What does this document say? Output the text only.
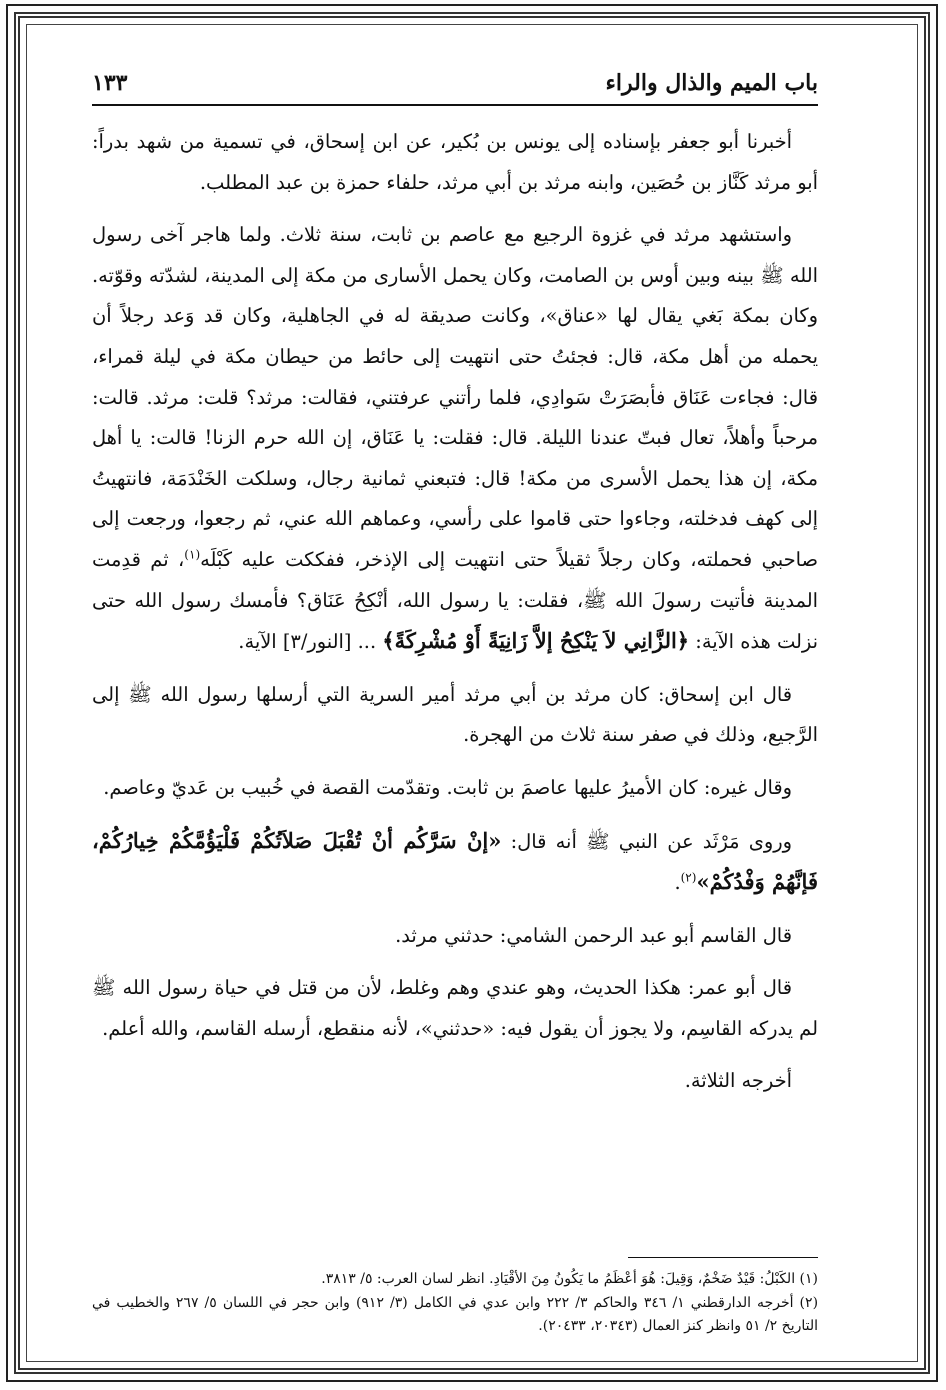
باب الميم والذال والراء
١٣٣

أخبرنا أبو جعفر بإسناده إلى يونس بن بُكير، عن ابن إسحاق، في تسمية من شهد بدراً: أبو مرثد كَنَّاز بن حُصَين، وابنه مرثد بن أبي مرثد، حلفاء حمزة بن عبد المطلب.

واستشهد مرثد في غزوة الرجيع مع عاصم بن ثابت، سنة ثلاث. ولما هاجر آخى رسول الله ﷺ بينه وبين أوس بن الصامت، وكان يحمل الأسارى من مكة إلى المدينة، لشدّته وقوّته. وكان بمكة بَغي يقال لها «عناق»، وكانت صديقة له في الجاهلية، وكان قد وَعد رجلاً أن يحمله من أهل مكة، قال: فجئتُ حتى انتهيت إلى حائط من حيطان مكة في ليلة قمراء، قال: فجاءت عَنَاق فأبصَرَتْ سَوادِي، فلما رأتني عرفتني، فقالت: مرثد؟ قلت: مرثد. قالت: مرحباً وأهلاً، تعال فبتّ عندنا الليلة. قال: فقلت: يا عَنَاق، إن الله حرم الزنا! قالت: يا أهل مكة، إن هذا يحمل الأسرى من مكة! قال: فتبعني ثمانية رجال، وسلكت الخَنْدَمَة، فانتهيتُ إلى كهف فدخلته، وجاءوا حتى قاموا على رأسي، وعماهم الله عني، ثم رجعوا، ورجعت إلى صاحبي فحملته، وكان رجلاً ثقيلاً حتى انتهيت إلى الإذخر، ففككت عليه كَبْلَه$^{(١)}$، ثم قدِمت المدينة فأتيت رسولَ الله ﷺ، فقلت: يا رسول الله، أنْكِحُ عَنَاق؟ فأمسك رسول الله حتى نزلت هذه الآية: ﴿الزَّانِي لاَ يَنْكِحُ إلاَّ زَانِيَةً أَوْ مُشْرِكَةً﴾ ... [النور/٣] الآية.

قال ابن إسحاق: كان مرثد بن أبي مرثد أمير السرية التي أرسلها رسول الله ﷺ إلى الرَّجيع، وذلك في صفر سنة ثلاث من الهجرة.

وقال غيره: كان الأميرُ عليها عاصمَ بن ثابت. وتقدّمت القصة في خُبيب بن عَديّ وعاصم.

وروى مَرْثَد عن النبي ﷺ أنه قال: «إنْ سَرَّكُم أنْ تُقْبَلَ صَلاَتُكُمْ فَلْيَؤُمَّكُمْ خِيارُكُمْ، فَإنَّهُمْ وَفْدُكُمْ»$^{(٢)}$.

قال القاسم أبو عبد الرحمن الشامي: حدثني مرثد.

قال أبو عمر: هكذا الحديث، وهو عندي وهم وغلط، لأن من قتل في حياة رسول الله ﷺ لم يدركه القاسِم، ولا يجوز أن يقول فيه: «حدثني»، لأنه منقطع، أرسله القاسم، والله أعلم.

أخرجه الثلاثة.

(١) الكَبْلُ: قَيْدٌ ضَخْمٌ، وَقِيلَ: هُوَ أعْظَمُ ما يَكُونُ مِنَ الأقْيَادِ. انظر لسان العرب: ٥/ ٣٨١٣.
(٢) أخرجه الدارقطني ١/ ٣٤٦ والحاكم ٣/ ٢٢٢ وابن عدي في الكامل (٣/ ٩١٢) وابن حجر في اللسان ٥/ ٢٦٧ والخطيب في التاريخ ٢/ ٥١ وانظر كنز العمال (٢٠٣٤٣، ٢٠٤٣٣).
